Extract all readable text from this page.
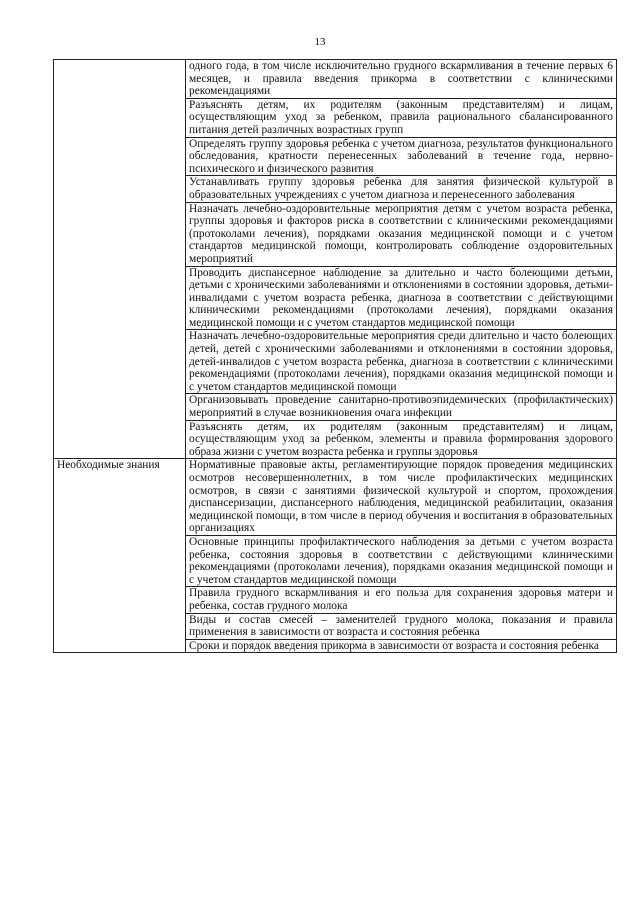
13

	одного года, в том числе исключительно грудного вскармливания в течение первых 6 месяцев, и правила введения прикорма в соответствии с клиническими рекомендациями

	Разъяснять детям, их родителям (законным представителям) и лицам, осуществляющим уход за ребенком, правила рационального сбалансированного питания детей различных возрастных групп

	Определять группу здоровья ребенка с учетом диагноза, результатов функционального обследования, кратности перенесенных заболеваний в течение года, нервно-психического и физического развития

	Устанавливать группу здоровья ребенка для занятия физической культурой в образовательных учреждениях с учетом диагноза и перенесенного заболевания

	Назначать лечебно-оздоровительные мероприятия детям с учетом возраста ребенка, группы здоровья и факторов риска в соответствии с клиническими рекомендациями (протоколами лечения), порядками оказания медицинской помощи и с учетом стандартов медицинской помощи, контролировать соблюдение оздоровительных мероприятий

	Проводить диспансерное наблюдение за длительно и часто болеющими детьми, детьми с хроническими заболеваниями и отклонениями в состоянии здоровья, детьми-инвалидами с учетом возраста ребенка, диагноза в соответствии с действующими клиническими рекомендациями (протоколами лечения), порядками оказания медицинской помощи и с учетом стандартов медицинской помощи

	Назначать лечебно-оздоровительные мероприятия среди длительно и часто болеющих детей, детей с хроническими заболеваниями и отклонениями в состоянии здоровья, детей-инвалидов с учетом возраста ребенка, диагноза в соответствии с клиническими рекомендациями (протоколами лечения), порядками оказания медицинской помощи и с учетом стандартов медицинской помощи

	Организовывать проведение санитарно-противоэпидемических (профилактических) мероприятий в случае возникновения очага инфекции

	Разъяснять детям, их родителям (законным представителям) и лицам, осуществляющим уход за ребенком, элементы и правила формирования здорового образа жизни с учетом возраста ребенка и группы здоровья

Необходимые знания	Нормативные правовые акты, регламентирующие порядок проведения медицинских осмотров несовершеннолетних, в том числе профилактических медицинских осмотров, в связи с занятиями физической культурой и спортом, прохождения диспансеризации, диспансерного наблюдения, медицинской реабилитации, оказания медицинской помощи, в том числе в период обучения и воспитания в образовательных организациях

	Основные принципы профилактического наблюдения за детьми с учетом возраста ребенка, состояния здоровья в соответствии с действующими клиническими рекомендациями (протоколами лечения), порядками оказания медицинской помощи и с учетом стандартов медицинской помощи

	Правила грудного вскармливания и его польза для сохранения здоровья матери и ребенка, состав грудного молока

	Виды и состав смесей – заменителей грудного молока, показания и правила применения в зависимости от возраста и состояния ребенка

	Сроки и порядок введения прикорма в зависимости от возраста и состояния ребенка
